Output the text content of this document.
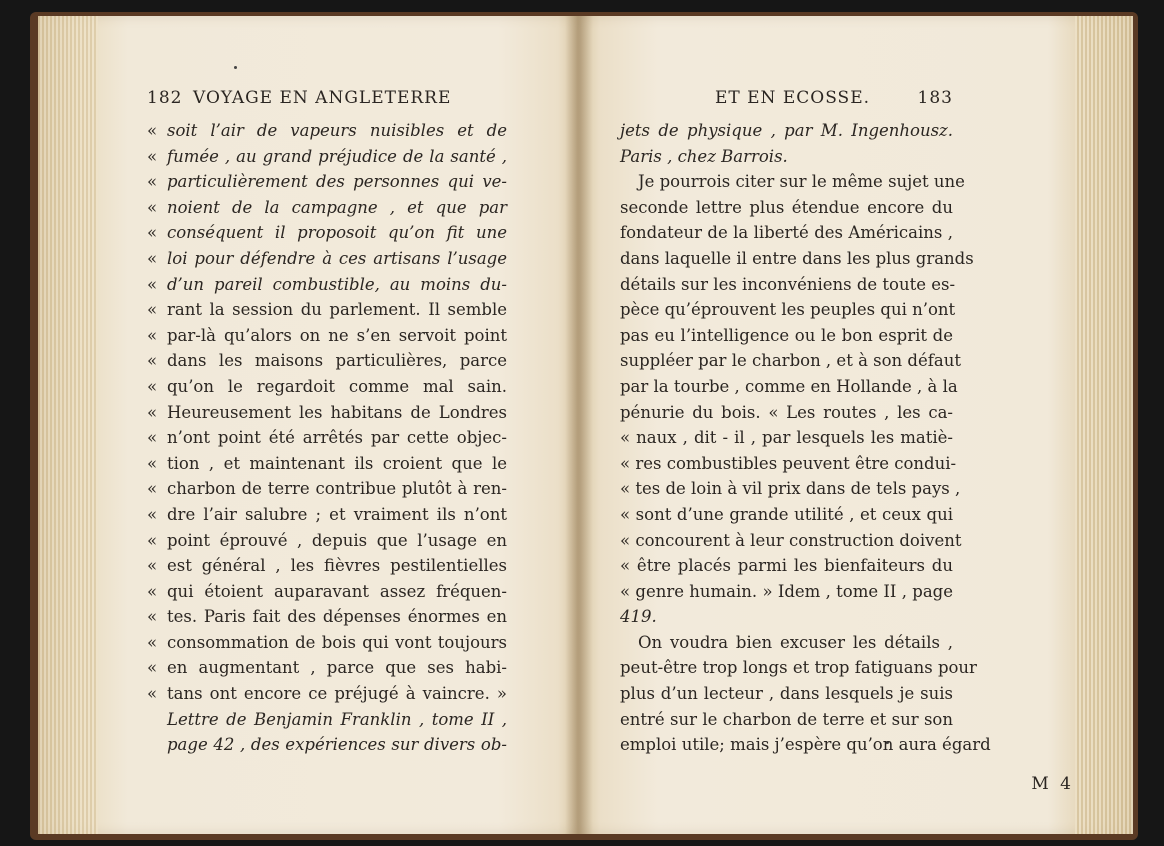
182 VOYAGE EN ANGLETERRE
« soit l’air de vapeurs nuisibles et de
« fumée , au grand préjudice de la santé ,
« particulièrement des personnes qui ve-
« noient de la campagne , et que par
« conséquent il proposoit qu’on fit une
« loi pour défendre à ces artisans l’usage
« d’un pareil combustible, au moins du-
« rant la session du parlement. Il semble
« par-là qu’alors on ne s’en servoit point
« dans les maisons particulières, parce
« qu’on le regardoit comme mal sain.
« Heureusement les habitans de Londres
« n’ont point été arrêtés par cette objec-
« tion , et maintenant ils croient que le
« charbon de terre contribue plutôt à ren-
« dre l’air salubre ; et vraiment ils n’ont
« point éprouvé , depuis que l’usage en
« est général , les fièvres pestilentielles
« qui étoient auparavant assez fréquen-
« tes. Paris fait des dépenses énormes en
« consommation de bois qui vont toujours
« en augmentant , parce que ses habi-
« tans ont encore ce préjugé à vaincre. »
Lettre de Benjamin Franklin , tome II ,
page 42 , des expériences sur divers ob-
ET EN ECOSSE.	183
jets de physique , par M. Ingenhousz.
Paris , chez Barrois.
Je pourrois citer sur le même sujet une
seconde lettre plus étendue encore du
fondateur de la liberté des Américains ,
dans laquelle il entre dans les plus grands
détails sur les inconvéniens de toute es-
pèce qu’éprouvent les peuples qui n’ont
pas eu l’intelligence ou le bon esprit de
suppléer par le charbon , et à son défaut
par la tourbe , comme en Hollande , à la
pénurie du bois. « Les routes , les ca-
« naux , dit - il , par lesquels les matiè-
« res combustibles peuvent être condui-
« tes de loin à vil prix dans de tels pays ,
« sont d’une grande utilité , et ceux qui
« concourent à leur construction doivent
« être placés parmi les bienfaiteurs du
« genre humain. » Idem , tome II , page
419.
On voudra bien excuser les détails ,
peut-être trop longs et trop fatiguans pour
plus d’un lecteur , dans lesquels je suis
entré sur le charbon de terre et sur son
emploi utile; mais j’espère qu’on aura égard
M 4
